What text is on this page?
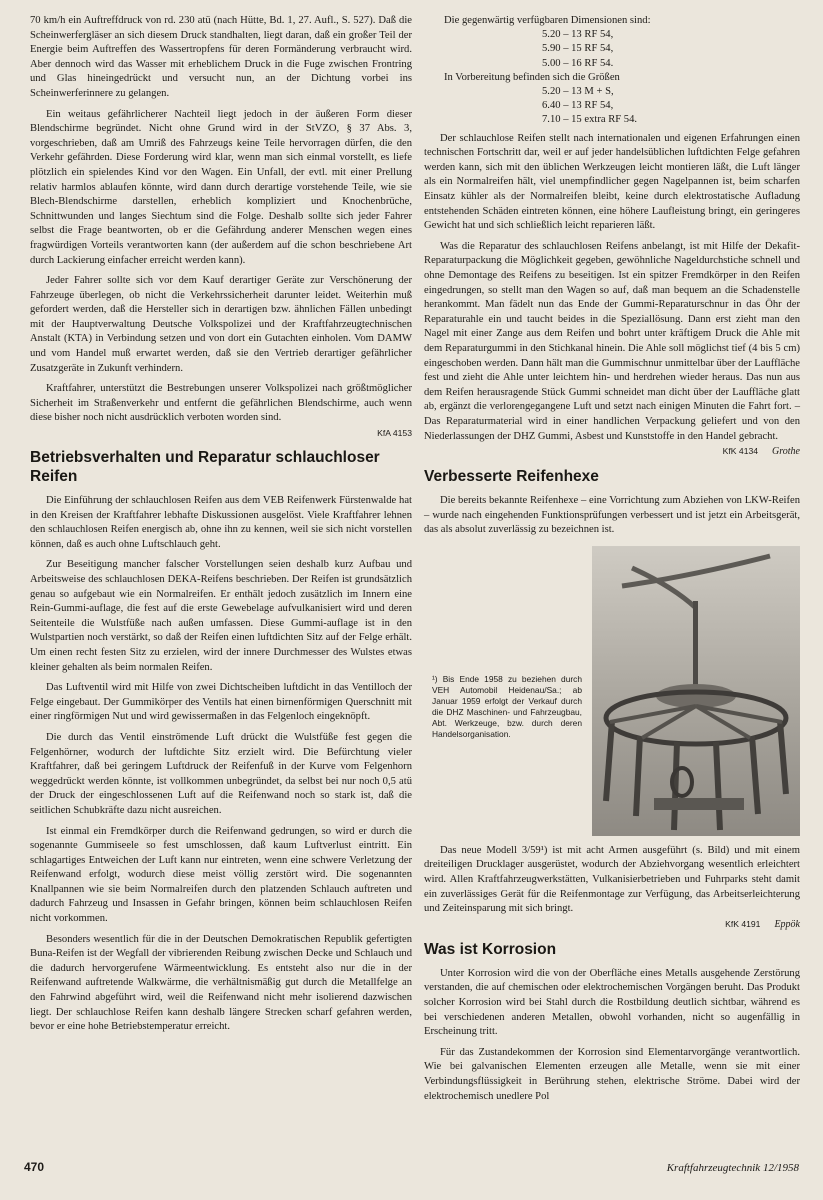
70 km/h ein Auftreffdruck von rd. 230 atü (nach Hütte, Bd. 1, 27. Aufl., S. 527). Daß die Scheinwerfergläser an sich diesem Druck standhalten, liegt daran, daß ein großer Teil der Energie beim Auftreffen des Wassertropfens für deren Formänderung verbraucht wird. Aber dennoch wird das Wasser mit erheblichem Druck in die Fuge zwischen Frontring und Glas hineingedrückt und versucht nun, an der Dichtung vorbei ins Scheinwerferinnere zu gelangen.

Ein weitaus gefährlicherer Nachteil liegt jedoch in der äußeren Form dieser Blendschirme begründet. Nicht ohne Grund wird in der StVZO, § 37 Abs. 3, vorgeschrieben, daß am Umriß des Fahrzeugs keine Teile hervorragen dürfen, die den Verkehr gefährden. Diese Forderung wird klar, wenn man sich einmal vorstellt, es liefe plötzlich ein spielendes Kind vor den Wagen. Ein Unfall, der evtl. mit einer Prellung relativ harmlos ablaufen könnte, wird dann durch derartige vorstehende Teile, wie sie Blech-Blendschirme darstellen, erheblich kompliziert und Knochenbrüche, Schnittwunden und langes Siechtum sind die Folge. Deshalb sollte sich jeder Fahrer selbst die Frage beantworten, ob er die Gefährdung anderer Menschen wegen eines fragwürdigen Vorteils verantworten kann (der außerdem auf die schon beschriebene Art durch Lackierung einfacher erreicht werden kann).

Jeder Fahrer sollte sich vor dem Kauf derartiger Geräte zur Verschönerung der Fahrzeuge überlegen, ob nicht die Verkehrssicherheit darunter leidet. Weiterhin muß gefordert werden, daß die Hersteller sich in derartigen bzw. ähnlichen Fällen unbedingt mit der Hauptverwaltung Deutsche Volkspolizei und der Kraftfahrzeugtechnischen Anstalt (KTA) in Verbindung setzen und von dort ein Gutachten einholen. Vom DAMW und vom Handel muß erwartet werden, daß sie den Vertrieb derartiger gefährlicher Zusatzgeräte in Zukunft verhindern.

Kraftfahrer, unterstützt die Bestrebungen unserer Volkspolizei nach größtmöglicher Sicherheit im Straßenverkehr und entfernt die gefährlichen Blendschirme, auch wenn diese bisher noch nicht ausdrücklich verboten worden sind.

KfA 4153
Betriebsverhalten und Reparatur schlauchloser Reifen

Die Einführung der schlauchlosen Reifen aus dem VEB Reifenwerk Fürstenwalde hat in den Kreisen der Kraftfahrer lebhafte Diskussionen ausgelöst. Viele Kraftfahrer lehnen den schlauchlosen Reifen energisch ab, ohne ihn zu kennen, weil sie sich nicht vorstellen können, daß es auch ohne Luftschlauch geht.

Zur Beseitigung mancher falscher Vorstellungen seien deshalb kurz Aufbau und Arbeitsweise des schlauchlosen DEKA-Reifens beschrieben. Der Reifen ist grundsätzlich genau so aufgebaut wie ein Normalreifen. Er enthält jedoch zusätzlich im Innern eine Rein-Gummi-auflage, die fest auf die erste Gewebelage aufvulkanisiert wird und deren Seitenteile die Wulstfüße nach außen umfassen. Diese Gummi-auflage ist in den Wulstpartien noch verstärkt, so daß der Reifen einen luftdichten Sitz auf der Felge erhält. Um einen recht festen Sitz zu erzielen, wird der innere Durchmesser des Wulstes etwas kleiner gehalten als beim normalen Reifen.

Das Luftventil wird mit Hilfe von zwei Dichtscheiben luftdicht in das Ventilloch der Felge eingebaut. Der Gummikörper des Ventils hat einen birnenförmigen Querschnitt mit einer ringförmigen Nut und wird gewissermaßen in das Felgenloch eingeknöpft.

Die durch das Ventil einströmende Luft drückt die Wulstfüße fest gegen die Felgenhörner, wodurch der luftdichte Sitz erzielt wird. Die Befürchtung vieler Kraftfahrer, daß bei geringem Luftdruck der Reifenfuß in der Kurve vom Felgenhorn weggedrückt werden könnte, ist vollkommen unbegründet, da selbst bei nur noch 0,5 atü der Druck der eingeschlossenen Luft auf die Reifenwand noch so stark ist, daß die seitlichen Schubkräfte dazu nicht ausreichen.

Ist einmal ein Fremdkörper durch die Reifenwand gedrungen, so wird er durch die sogenannte Gummiseele so fest umschlossen, daß kaum Luftverlust eintritt. Ein schlagartiges Entweichen der Luft kann nur eintreten, wenn eine schwere Verletzung der Reifenwand erfolgt, wodurch diese meist völlig zerstört wird. Die sogenannten Knallpannen wie sie beim Normalreifen durch den platzenden Schlauch auftreten und dadurch Fahrzeug und Insassen in Gefahr bringen, können beim schlauchlosen Reifen nicht vorkommen.

Besonders wesentlich für die in der Deutschen Demokratischen Republik gefertigten Buna-Reifen ist der Wegfall der vibrierenden Reibung zwischen Decke und Schlauch und die dadurch hervorgerufene Wärmeentwicklung. Es entsteht also nur die in der Reifenwand auftretende Walkwärme, die verhältnismäßig gut durch die Metallfelge an den Fahrwind abgeführt wird, weil die Reifenwand nicht mehr isolierend dazwischen liegt. Der schlauchlose Reifen kann deshalb längere Strecken scharf gefahren werden, bevor er eine hohe Betriebstemperatur erreicht.

Die gegenwärtig verfügbaren Dimensionen sind:
5.20 – 13 RF 54,
5.90 – 15 RF 54,
5.00 – 16 RF 54.
In Vorbereitung befinden sich die Größen
5.20 – 13 M + S,
6.40 – 13 RF 54,
7.10 – 15 extra RF 54.

Der schlauchlose Reifen stellt nach internationalen und eigenen Erfahrungen einen technischen Fortschritt dar, weil er auf jeder handelsüblichen luftdichten Felge gefahren werden kann, sich mit den üblichen Werkzeugen leicht montieren läßt, die Luft länger als ein Normalreifen hält, viel unempfindlicher gegen Nagelpannen ist, beim scharfen Einsatz kühler als der Normalreifen bleibt, keine durch elektrostatische Aufladung entstehenden Schäden eintreten können, eine höhere Laufleistung bringt, ein geringeres Gewicht hat und sich schließlich leicht reparieren läßt.

Was die Reparatur des schlauchlosen Reifens anbelangt, ist mit Hilfe der Dekafit-Reparaturpackung die Möglichkeit gegeben, gewöhnliche Nageldurchstiche schnell und ohne Demontage des Reifens zu beseitigen. Ist ein spitzer Fremdkörper in den Reifen eingedrungen, so stellt man den Wagen so auf, daß man bequem an die Schadenstelle herankommt. Man fädelt nun das Ende der Gummi-Reparaturschnur in das Öhr der Reparaturahle ein und taucht beides in die Speziallösung. Dann erst zieht man den Nagel mit einer Zange aus dem Reifen und bohrt unter kräftigem Druck die Ahle mit dem Reparaturgummi in den Stichkanal hinein. Die Ahle soll möglichst tief (4 bis 5 cm) eingeschoben werden. Dann hält man die Gummischnur unmittelbar über der Lauffläche fest und zieht die Ahle unter leichtem hin- und herdrehen wieder heraus. Das nun aus dem Reifen herausragende Stück Gummi schneidet man dicht über der Lauffläche glatt ab, ergänzt die verlorengegangene Luft und setzt nach einigen Minuten die Fahrt fort. – Das Reparaturmaterial wird in einer handlichen Verpackung geliefert und von den Niederlassungen der DHZ Gummi, Asbest und Kunststoffe in den Handel gebracht.

KfK 4134 Grothe
Verbesserte Reifenhexe

Die bereits bekannte Reifenhexe – eine Vorrichtung zum Abziehen von LKW-Reifen – wurde nach eingehenden Funktionsprüfungen verbessert und ist jetzt ein Arbeitsgerät, das als absolut zuverlässig zu bezeichnen ist.

¹) Bis Ende 1958 zu beziehen durch VEH Automobil Heidenau/Sa.; ab Januar 1959 erfolgt der Verkauf durch die DHZ Maschinen- und Fahrzeugbau, Abt. Werkzeuge, bzw. durch deren Handelsorganisation.

Das neue Modell 3/59¹) ist mit acht Armen ausgeführt (s. Bild) und mit einem dreiteiligen Drucklager ausgerüstet, wodurch der Abziehvorgang wesentlich erleichtert wird. Allen Kraftfahrzeugwerkstätten, Vulkanisierbetrieben und Fuhrparks steht damit ein zuverlässiges Gerät für die Reifenmontage zur Verfügung, das Arbeitserleichterung und Zeiteinsparung mit sich bringt.

KfK 4191 Eppök
Was ist Korrosion

Unter Korrosion wird die von der Oberfläche eines Metalls ausgehende Zerstörung verstanden, die auf chemischen oder elektrochemischen Vorgängen beruht. Das Produkt solcher Korrosion wird bei Stahl durch die Rostbildung deutlich sichtbar, während es bei verschiedenen anderen Metallen, obwohl vorhanden, nicht so augenfällig in Erscheinung tritt.

Für das Zustandekommen der Korrosion sind Elementarvorgänge verantwortlich. Wie bei galvanischen Elementen erzeugen alle Metalle, wenn sie mit einer Verbindungsflüssigkeit in Berührung stehen, elektrische Ströme. Dabei wird der elektrochemisch unedlere Pol

470	Kraftfahrzeugtechnik 12/1958
